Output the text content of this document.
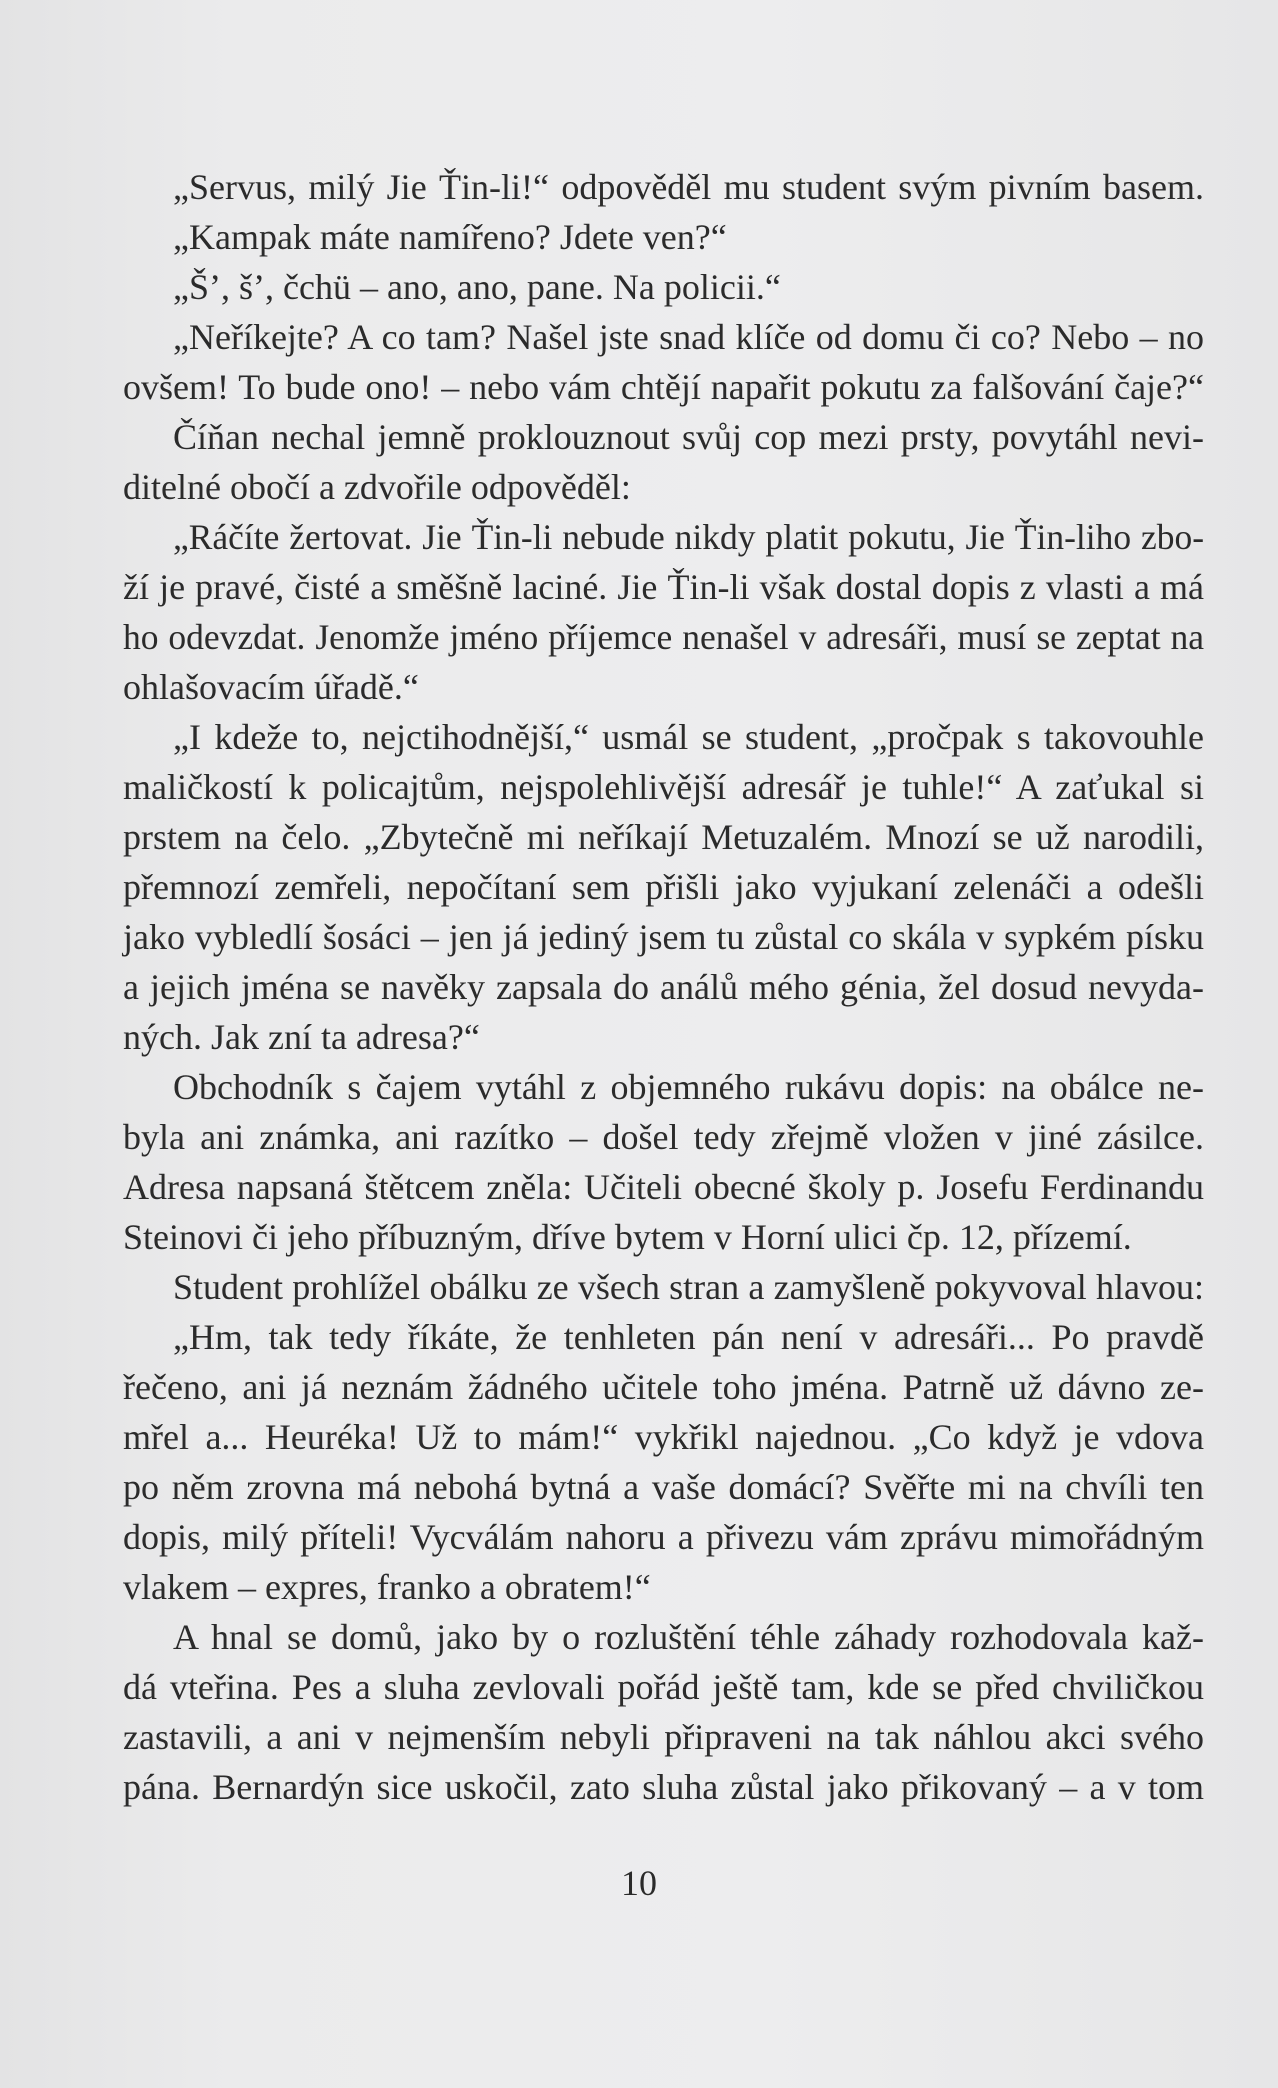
„Servus, milý Jie Ťin-li!“ odpověděl mu student svým pivním basem.
„Kampak máte namířeno? Jdete ven?“
„Š’, š’, čchü – ano, ano, pane. Na policii.“
„Neříkejte? A co tam? Našel jste snad klíče od domu či co? Nebo – no
ovšem! To bude ono! – nebo vám chtějí napařit pokutu za falšování čaje?“
Číňan nechal jemně proklouznout svůj cop mezi prsty, povytáhl nevi-
ditelné obočí a zdvořile odpověděl:
„Ráčíte žertovat. Jie Ťin-li nebude nikdy platit pokutu, Jie Ťin-liho zbo-
ží je pravé, čisté a směšně laciné. Jie Ťin-li však dostal dopis z vlasti a má
ho odevzdat. Jenomže jméno příjemce nenašel v adresáři, musí se zeptat na
ohlašovacím úřadě.“
„I kdeže to, nejctihodnější,“ usmál se student, „pročpak s takovouhle
maličkostí k policajtům, nejspolehlivější adresář je tuhle!“ A zaťukal si
prstem na čelo. „Zbytečně mi neříkají Metuzalém. Mnozí se už narodili,
přemnozí zemřeli, nepočítaní sem přišli jako vyjukaní zelenáči a odešli
jako vybledlí šosáci – jen já jediný jsem tu zůstal co skála v sypkém písku
a jejich jména se navěky zapsala do análů mého génia, žel dosud nevyda-
ných. Jak zní ta adresa?“
Obchodník s čajem vytáhl z objemného rukávu dopis: na obálce ne-
byla ani známka, ani razítko – došel tedy zřejmě vložen v jiné zásilce.
Adresa napsaná štětcem zněla: Učiteli obecné školy p. Josefu Ferdinandu
Steinovi či jeho příbuzným, dříve bytem v Horní ulici čp. 12, přízemí.
Student prohlížel obálku ze všech stran a zamyšleně pokyvoval hlavou:
„Hm, tak tedy říkáte, že tenhleten pán není v adresáři... Po pravdě
řečeno, ani já neznám žádného učitele toho jména. Patrně už dávno ze-
mřel a... Heuréka! Už to mám!“ vykřikl najednou. „Co když je vdova
po něm zrovna má nebohá bytná a vaše domácí? Svěřte mi na chvíli ten
dopis, milý příteli! Vycválám nahoru a přivezu vám zprávu mimořádným
vlakem – expres, franko a obratem!“
A hnal se domů, jako by o rozluštění téhle záhady rozhodovala kaž-
dá vteřina. Pes a sluha zevlovali pořád ještě tam, kde se před chviličkou
zastavili, a ani v nejmenším nebyli připraveni na tak náhlou akci svého
pána. Bernardýn sice uskočil, zato sluha zůstal jako přikovaný – a v tom
10
